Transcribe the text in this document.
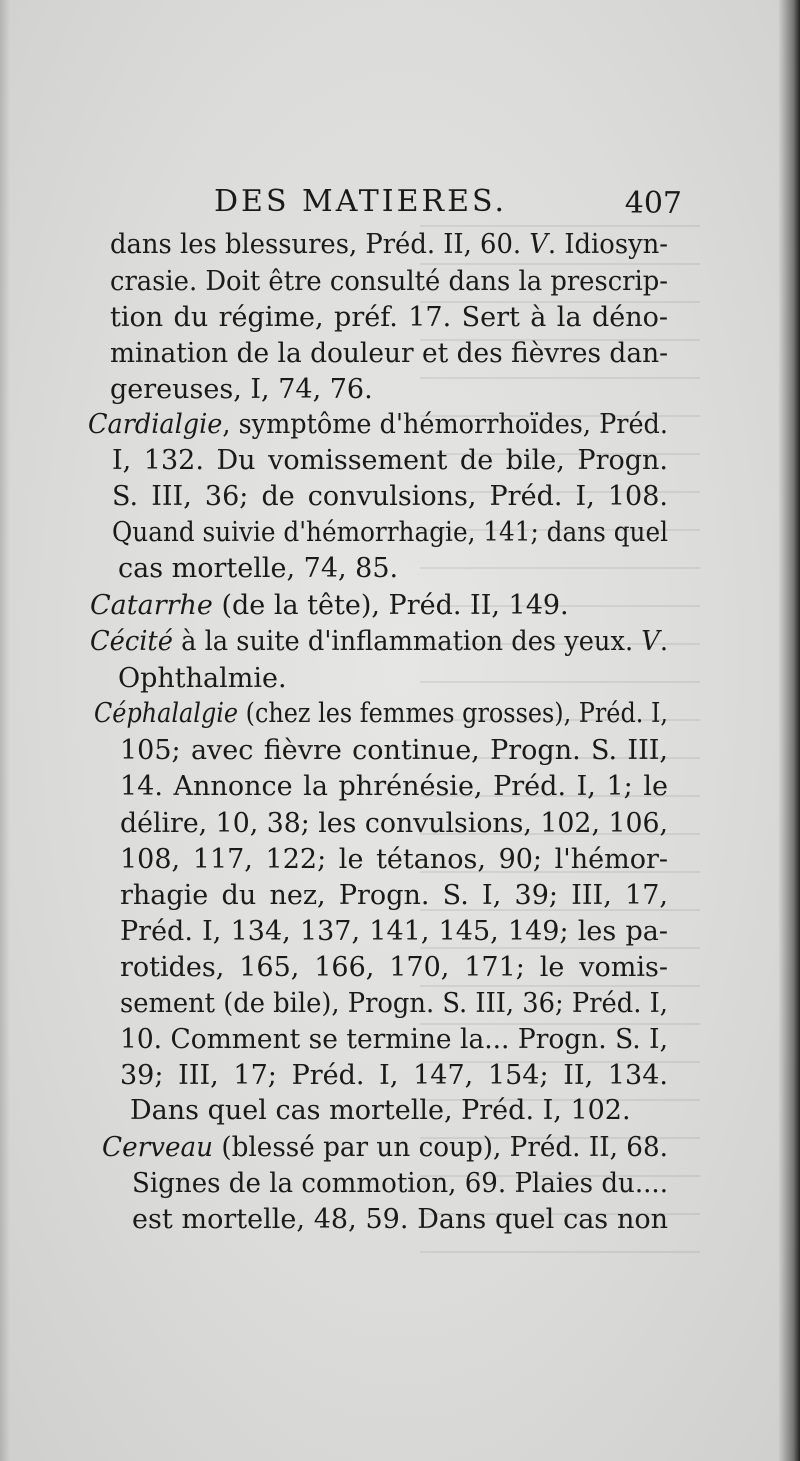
DES MATIERES.	407
dans les blessures, Préd. II, 60. V. Idiosyn-
crasie. Doit être consulté dans la prescrip-
tion du régime, préf. 17. Sert à la déno-
mination de la douleur et des fièvres dan-
gereuses, I, 74, 76.
Cardialgie, symptôme d'hémorrhoïdes, Préd.
I, 132. Du vomissement de bile, Progn.
S. III, 36; de convulsions, Préd. I, 108.
Quand suivie d'hémorrhagie, 141; dans quel
cas mortelle, 74, 85.
Catarrhe (de la tête), Préd. II, 149.
Cécité à la suite d'inflammation des yeux. V.
Ophthalmie.
Céphalalgie (chez les femmes grosses), Préd. I,
105; avec fièvre continue, Progn. S. III,
14. Annonce la phrénésie, Préd. I, 1; le
délire, 10, 38; les convulsions, 102, 106,
108, 117, 122; le tétanos, 90; l'hémor-
rhagie du nez, Progn. S. I, 39; III, 17,
Préd. I, 134, 137, 141, 145, 149; les pa-
rotides, 165, 166, 170, 171; le vomis-
sement (de bile), Progn. S. III, 36; Préd. I,
10. Comment se termine la... Progn. S. I,
39; III, 17; Préd. I, 147, 154; II, 134.
Dans quel cas mortelle, Préd. I, 102.
Cerveau (blessé par un coup), Préd. II, 68.
Signes de la commotion, 69. Plaies du....
est mortelle, 48, 59. Dans quel cas non
